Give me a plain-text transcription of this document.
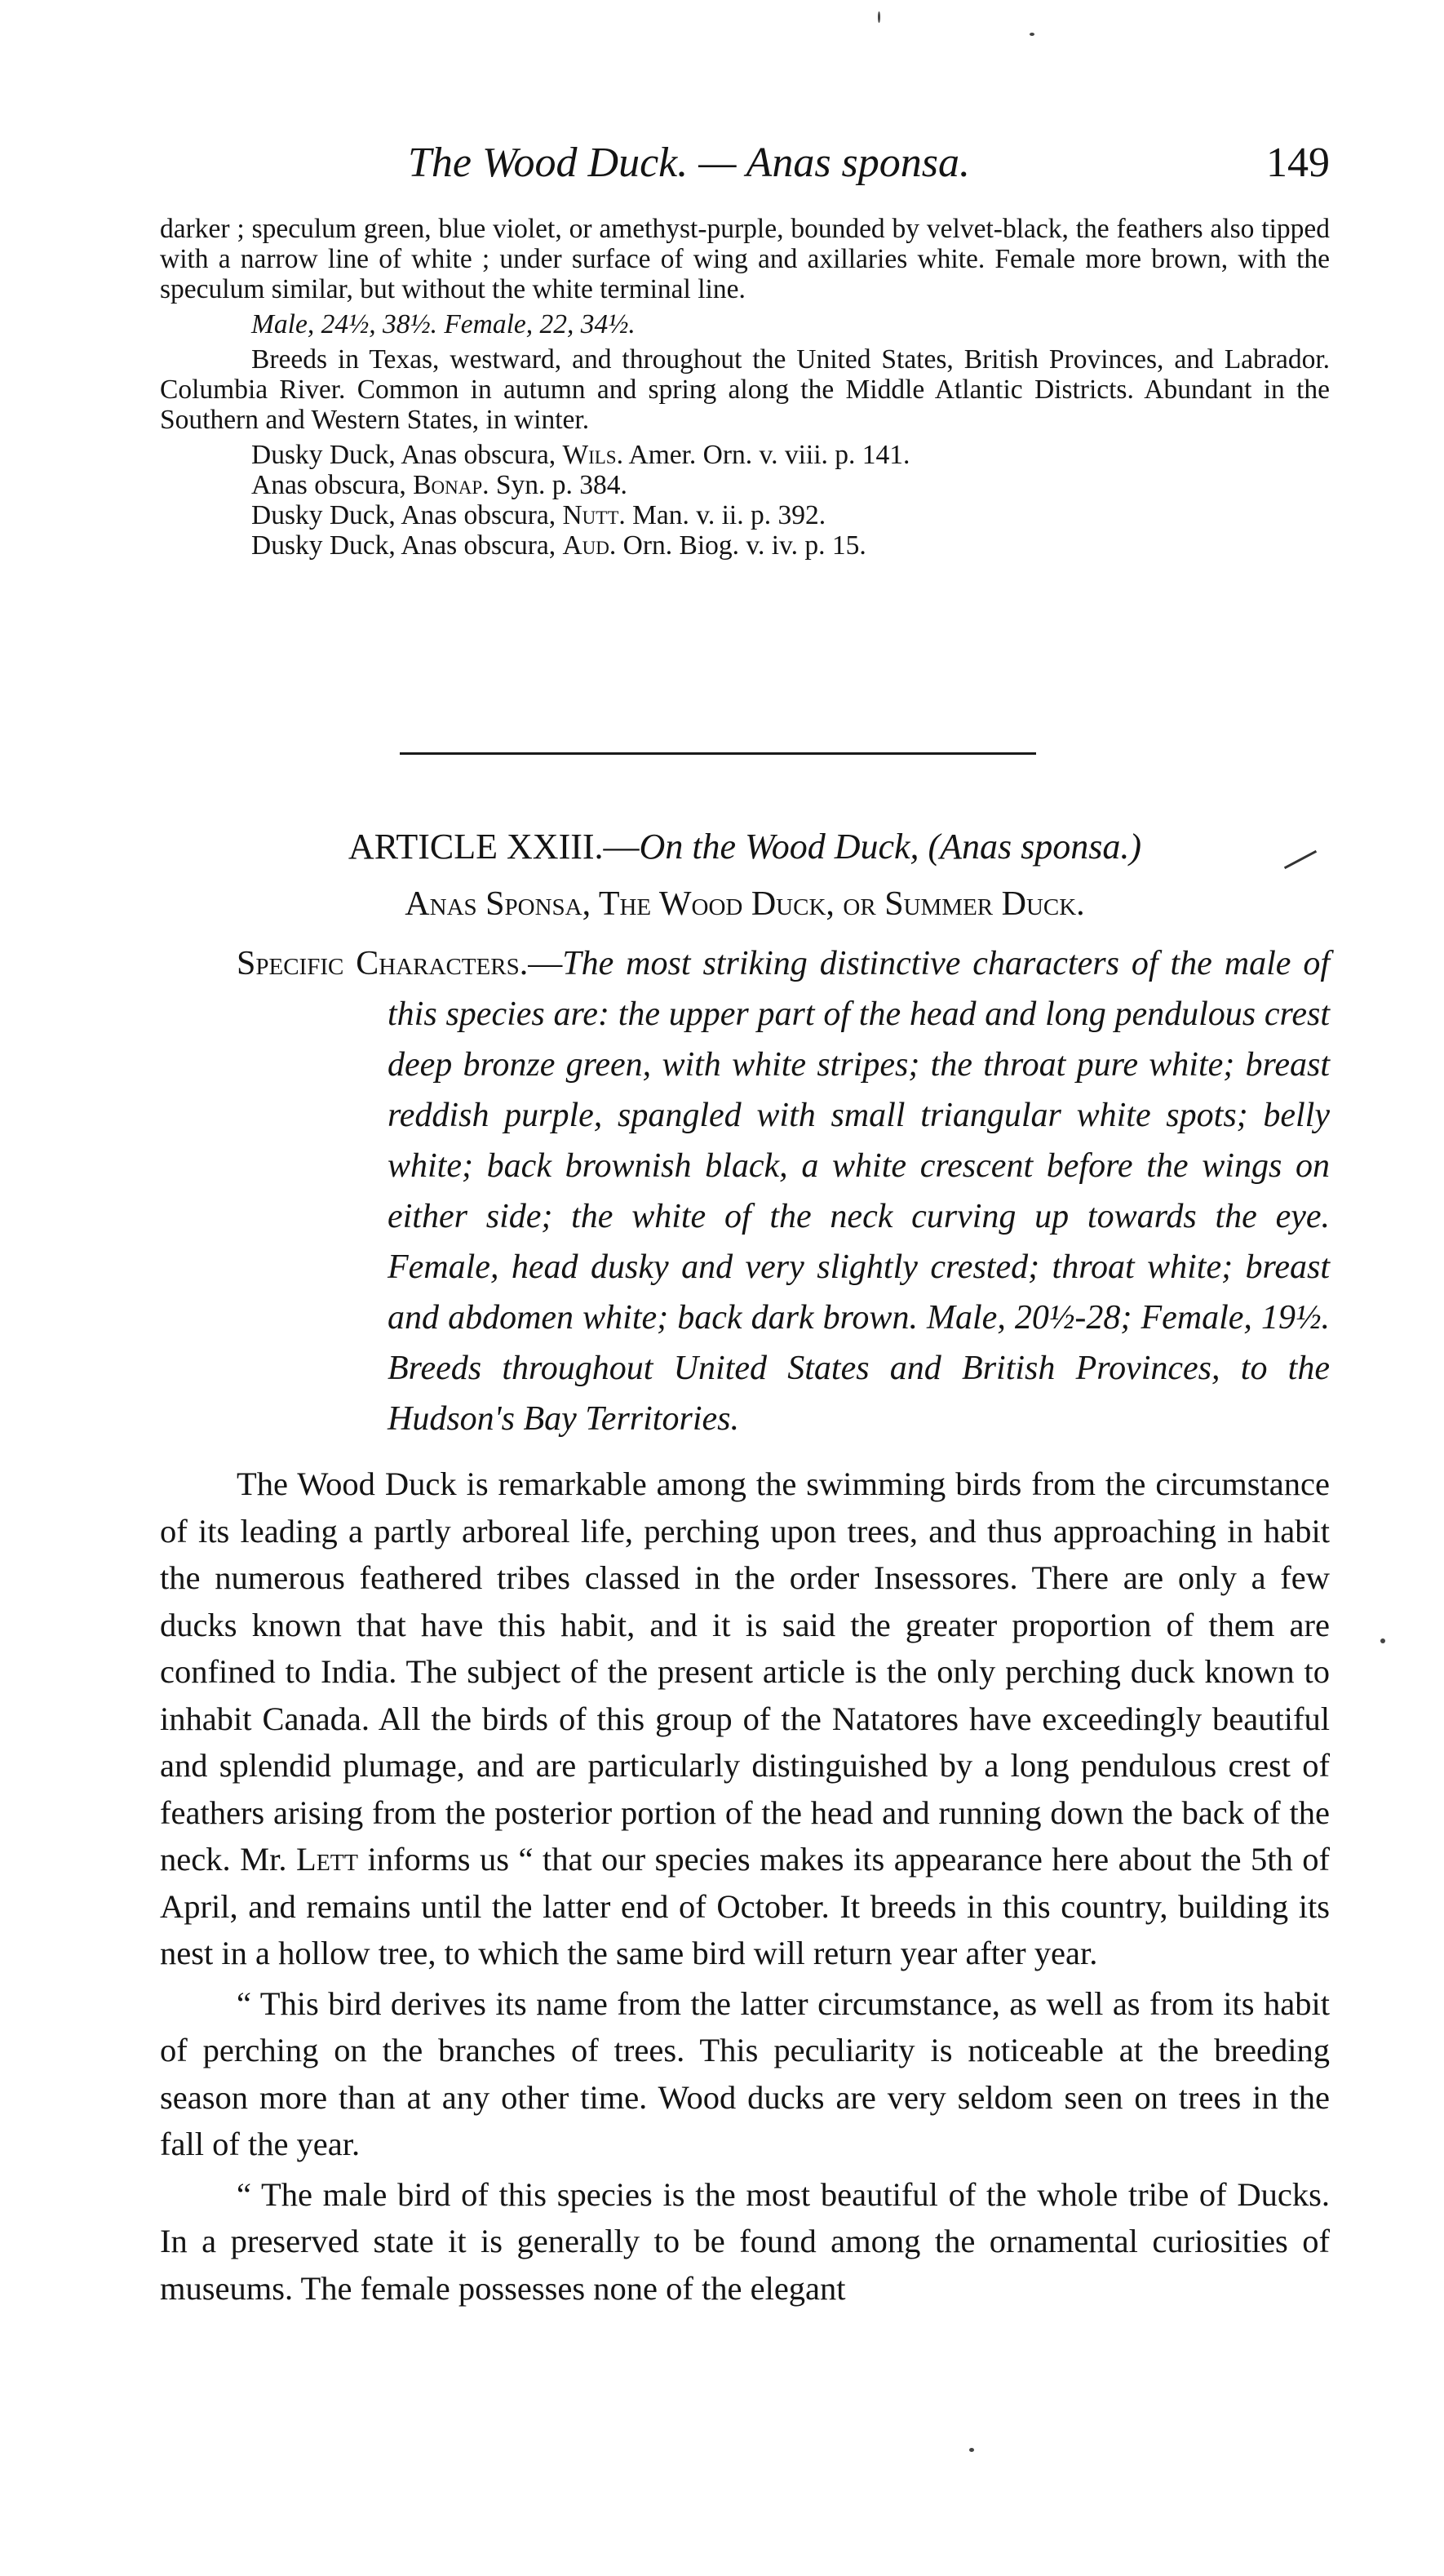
The Wood Duck. — Anas sponsa.	149

darker ; speculum green, blue violet, or amethyst-purple, bounded by velvet-black, the feathers also tipped with a narrow line of white ; under surface of wing and axillaries white. Female more brown, with the speculum similar, but without the white terminal line.

Male, 24½, 38½. Female, 22, 34½.

Breeds in Texas, westward, and throughout the United States, British Provinces, and Labrador. Columbia River. Common in autumn and spring along the Middle Atlantic Districts. Abundant in the Southern and Western States, in winter.

Dusky Duck, Anas obscura, Wils. Amer. Orn. v. viii. p. 141.
Anas obscura, Bonap. Syn. p. 384.
Dusky Duck, Anas obscura, Nutt. Man. v. ii. p. 392.
Dusky Duck, Anas obscura, Aud. Orn. Biog. v. iv. p. 15.
ARTICLE XXIII.—On the Wood Duck, (Anas sponsa.)
Anas Sponsa, The Wood Duck, or Summer Duck.
Specific Characters.—The most striking distinctive characters of the male of this species are: the upper part of the head and long pendulous crest deep bronze green, with white stripes; the throat pure white; breast reddish purple, spangled with small triangular white spots; belly white; back brownish black, a white crescent before the wings on either side; the white of the neck curving up towards the eye. Female, head dusky and very slightly crested; throat white; breast and abdomen white; back dark brown. Male, 20½-28; Female, 19½. Breeds throughout United States and British Provinces, to the Hudson's Bay Territories.

The Wood Duck is remarkable among the swimming birds from the circumstance of its leading a partly arboreal life, perching upon trees, and thus approaching in habit the numerous feathered tribes classed in the order Insessores. There are only a few ducks known that have this habit, and it is said the greater proportion of them are confined to India. The subject of the present article is the only perching duck known to inhabit Canada. All the birds of this group of the Natatores have exceedingly beautiful and splendid plumage, and are particularly distinguished by a long pendulous crest of feathers arising from the posterior portion of the head and running down the back of the neck. Mr. Lett informs us “ that our species makes its appearance here about the 5th of April, and remains until the latter end of October. It breeds in this country, building its nest in a hollow tree, to which the same bird will return year after year.

“ This bird derives its name from the latter circumstance, as well as from its habit of perching on the branches of trees. This peculiarity is noticeable at the breeding season more than at any other time. Wood ducks are very seldom seen on trees in the fall of the year.

“ The male bird of this species is the most beautiful of the whole tribe of Ducks. In a preserved state it is generally to be found among the ornamental curiosities of museums. The female possesses none of the elegant
